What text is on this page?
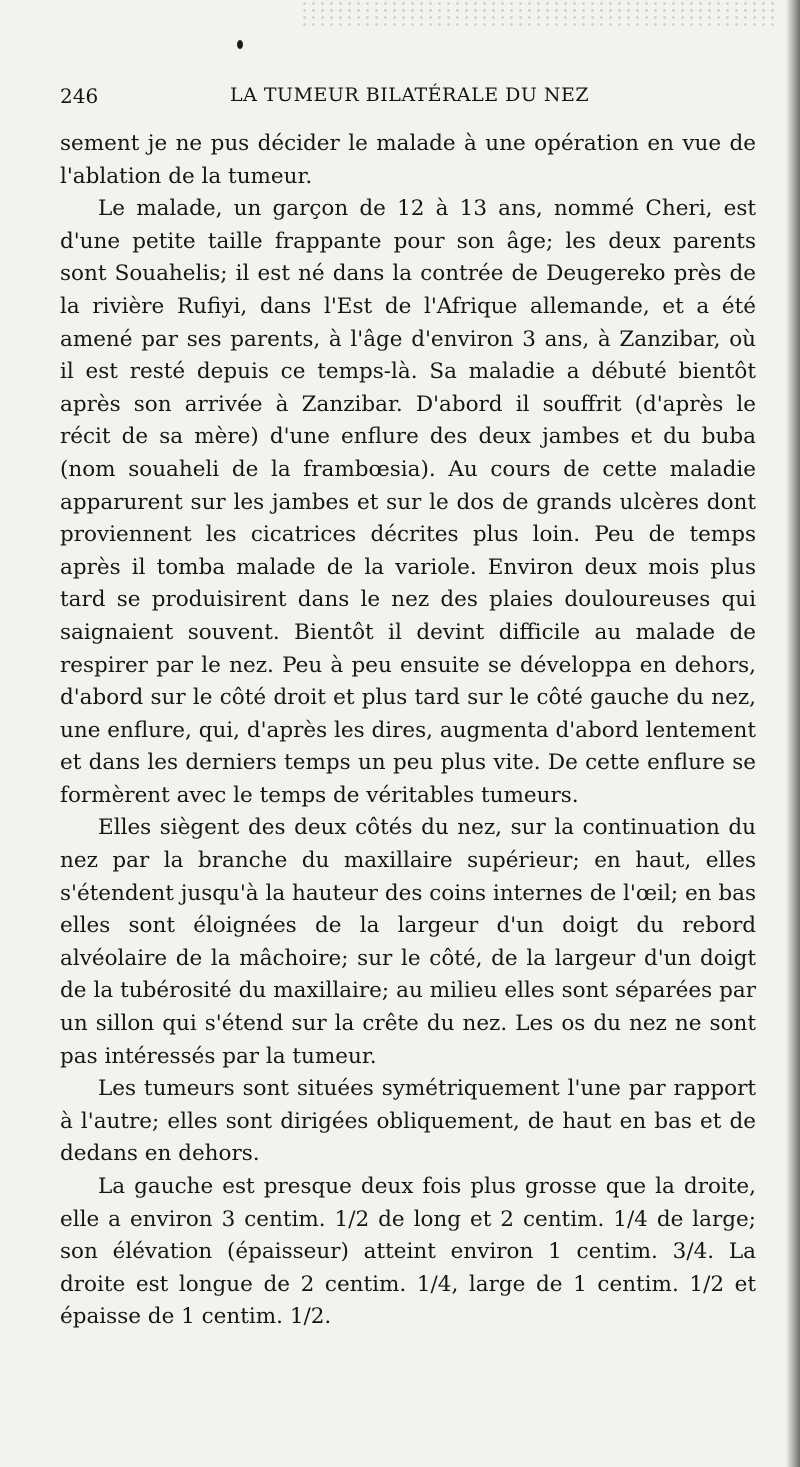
246	LA TUMEUR BILATÉRALE DU NEZ

sement je ne pus décider le malade à une opération en vue de l'ablation de la tumeur.

Le malade, un garçon de 12 à 13 ans, nommé Cheri, est d'une petite taille frappante pour son âge; les deux parents sont Souahelis; il est né dans la contrée de Deugereko près de la rivière Rufiyi, dans l'Est de l'Afrique allemande, et a été amené par ses parents, à l'âge d'environ 3 ans, à Zanzibar, où il est resté depuis ce temps-là. Sa maladie a débuté bientôt après son arrivée à Zanzibar. D'abord il souffrit (d'après le récit de sa mère) d'une enflure des deux jambes et du buba (nom souaheli de la frambœsia). Au cours de cette maladie apparurent sur les jambes et sur le dos de grands ulcères dont proviennent les cicatrices décrites plus loin. Peu de temps après il tomba malade de la variole. Environ deux mois plus tard se produisirent dans le nez des plaies douloureuses qui saignaient souvent. Bientôt il devint difficile au malade de respirer par le nez. Peu à peu ensuite se développa en dehors, d'abord sur le côté droit et plus tard sur le côté gauche du nez, une enflure, qui, d'après les dires, augmenta d'abord lentement et dans les derniers temps un peu plus vite. De cette enflure se formèrent avec le temps de véritables tumeurs.

Elles siègent des deux côtés du nez, sur la continuation du nez par la branche du maxillaire supérieur; en haut, elles s'étendent jusqu'à la hauteur des coins internes de l'œil; en bas elles sont éloignées de la largeur d'un doigt du rebord alvéolaire de la mâchoire; sur le côté, de la largeur d'un doigt de la tubérosité du maxillaire; au milieu elles sont séparées par un sillon qui s'étend sur la crête du nez. Les os du nez ne sont pas intéressés par la tumeur.

Les tumeurs sont situées symétriquement l'une par rapport à l'autre; elles sont dirigées obliquement, de haut en bas et de dedans en dehors.

La gauche est presque deux fois plus grosse que la droite, elle a environ 3 centim. 1/2 de long et 2 centim. 1/4 de large; son élévation (épaisseur) atteint environ 1 centim. 3/4. La droite est longue de 2 centim. 1/4, large de 1 centim. 1/2 et épaisse de 1 centim. 1/2.
